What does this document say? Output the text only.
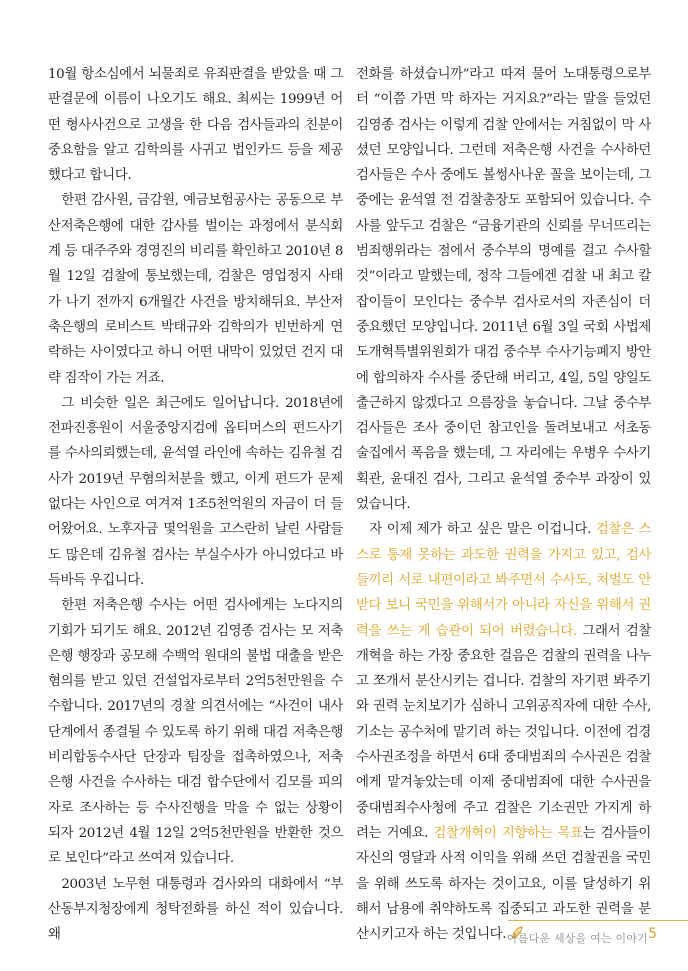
10월 항소심에서 뇌물죄로 유죄판결을 받았을 때 그 판결문에 이름이 나오기도 해요. 최씨는 1999년 어떤 형사사건으로 고생을 한 다음 검사들과의 친분이 중요함을 알고 김학의를 사귀고 법인카드 등을 제공했다고 합니다.

한편 감사원, 금감원, 예금보험공사는 공동으로 부산저축은행에 대한 감사를 벌이는 과정에서 분식회계 등 대주주와 경영진의 비리를 확인하고 2010년 8월 12일 검찰에 통보했는데, 검찰은 영업정지 사태가 나기 전까지 6개월간 사건을 방치해뒤요. 부산저축은행의 로비스트 박태규와 김학의가 빈번하게 연락하는 사이였다고 하니 어떤 내막이 있었던 건지 대략 짐작이 가는 거죠.

그 비슷한 일은 최근에도 일어납니다. 2018년에 전파진흥원이 서울중앙지검에 옵티머스의 펀드사기를 수사의뢰했는데, 윤석열 라인에 속하는 김유철 검사가 2019년 무혐의처분을 했고, 이게 펀드가 문제없다는 사인으로 여겨져 1조5천억원의 자금이 더 들어왔어요. 노후자금 몇억원을 고스란히 날린 사람들도 많은데 김유철 검사는 부실수사가 아니었다고 바득바득 우깁니다.

한편 저축은행 수사는 어떤 검사에게는 노다지의 기회가 되기도 해요. 2012년 김영종 검사는 모 저축은행 행장과 공모해 수백억 원대의 불법 대출을 받은 혐의를 받고 있던 건설업자로부터 2억5천만원을 수수합니다. 2017년의 경찰 의견서에는 “사건이 내사 단계에서 종결될 수 있도록 하기 위해 대검 저축은행비리합동수사단 단장과 팀장을 접촉하였으나, 저축은행 사건을 수사하는 대검 합수단에서 김모를 피의자로 조사하는 등 수사진행을 막을 수 없는 상황이 되자 2012년 4월 12일 2억5천만원을 반환한 것으로 보인다”라고 쓰여져 있습니다.

2003년 노무현 대통령과 검사와의 대화에서 “부산동부지청장에게 청탁전화를 하신 적이 있습니다. 왜

전화를 하셨습니까”라고 따져 물어 노대통령으로부터 “이쯤 가면 막 하자는 거지요?”라는 말을 들었던 김영종 검사는 이렇게 검찰 안에서는 거침없이 막 사셨던 모양입니다. 그런데 저축은행 사건을 수사하던 검사들은 수사 중에도 볼썽사나운 꼴을 보이는데, 그중에는 윤석열 전 검찰총장도 포함되어 있습니다. 수사를 앞두고 검찰은 “금융기관의 신뢰를 무너뜨리는 범죄행위라는 점에서 중수부의 명예를 걸고 수사할 것”이라고 말했는데, 정작 그들에겐 검찰 내 최고 칼잡이들이 모인다는 중수부 검사로서의 자존심이 더 중요했던 모양입니다. 2011년 6월 3일 국회 사법제도개혁특별위원회가 대검 중수부 수사기능폐지 방안에 합의하자 수사를 중단해 버리고, 4일, 5일 양일도 출근하지 않겠다고 으름장을 놓습니다. 그날 중수부 검사들은 조사 중이던 참고인을 돌려보내고 서초동 술집에서 폭음을 했는데, 그 자리에는 우병우 수사기획관, 윤대진 검사, 그리고 윤석열 중수부 과장이 있었습니다.

자 이제 제가 하고 싶은 말은 이겁니다. 검찰은 스스로 통제 못하는 과도한 권력을 가지고 있고, 검사들끼리 서로 내편이라고 봐주면서 수사도, 처벌도 안 받다 보니 국민을 위해서가 아니라 자신을 위해서 권력을 쓰는 게 습관이 되어 버렸습니다. 그래서 검찰개혁을 하는 가장 중요한 걸음은 검찰의 권력을 나누고 쪼개서 분산시키는 겁니다. 검찰의 자기편 봐주기와 권력 눈치보기가 심하니 고위공직자에 대한 수사, 기소는 공수처에 맡기려 하는 것입니다. 이전에 검경수사권조정을 하면서 6대 중대범죄의 수사권은 검찰에게 맡겨놓았는데 이제 중대범죄에 대한 수사권을 중대범죄수사청에 주고 검찰은 기소권만 가지게 하려는 거예요. 검찰개혁이 지향하는 목표는 검사들이 자신의 영달과 사적 이익을 위해 쓰던 검찰권을 국민을 위해 쓰도록 하자는 것이고요, 이를 달성하기 위해서 남용에 취약하도록 집중되고 과도한 권력을 분산시키고자 하는 것입니다. 아름다운 세상을 여는 이야기 5
